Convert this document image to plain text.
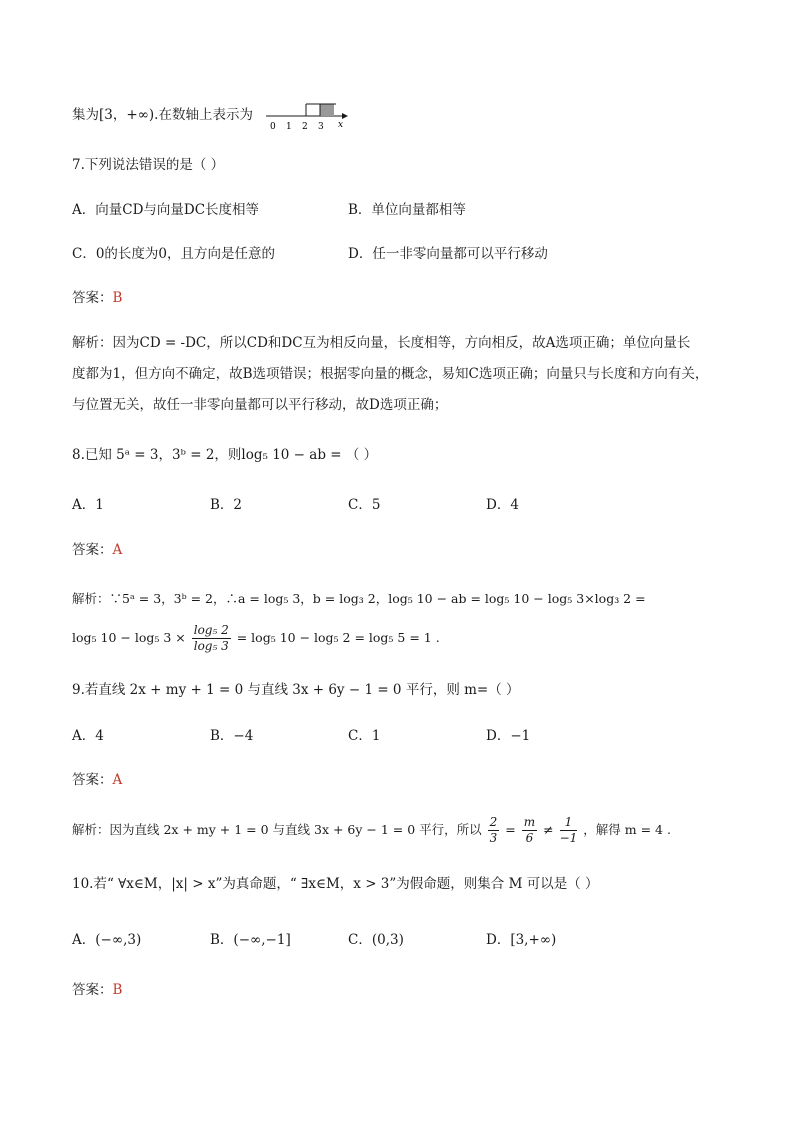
集为[3，+∞).在数轴上表示为
0 1 2 3 x
7.下列说法错误的是（ ）
A．向量CD与向量DC长度相等	B．单位向量都相等
C．0的长度为0，且方向是任意的	D．任一非零向量都可以平行移动
答案：B
解析：因为CD = -DC，所以CD和DC互为相反向量，长度相等，方向相反，故A选项正确；单位向量长
度都为1，但方向不确定，故B选项错误；根据零向量的概念，易知C选项正确；向量只与长度和方向有关，
与位置无关，故任一非零向量都可以平行移动，故D选项正确；
8.已知 5ᵃ = 3，3ᵇ = 2，则log₅ 10 − ab = （ ）
A．1	B．2	C．5	D．4
答案：A
解析：∵5ᵃ = 3，3ᵇ = 2，∴a = log₅ 3，b = log₃ 2，log₅ 10 − ab = log₅ 10 − log₅ 3×log₃ 2 =
log₅ 10 − log₅ $3 \times \frac{\text{log₅ 2}}{\text{log₅ 3}} = \log_5$ 10 − log₅ 2 = log₅ 5 = 1 .
9.若直线 2x + my + 1 = 0 与直线 3x + 6y − 1 = 0 平行，则 m=（ ）
A．4	B．−4	C．1	D．−1
答案：A
解析：因为直线 2x + my + 1 = 0 与直线 3x + 6y − 1 = 0 平行，所以 $\frac{2}{3} = \frac{m}{6} \ne \frac{1}{-1}$ ，解得 m = 4 .
10.若“ ∀x∈M，|x| > x”为真命题，“ ∃x∈M，x > 3”为假命题，则集合 M 可以是（ ）
A．(−∞,3)	B．(−∞,−1]	C．(0,3)	D．[3,+∞)
答案：B
